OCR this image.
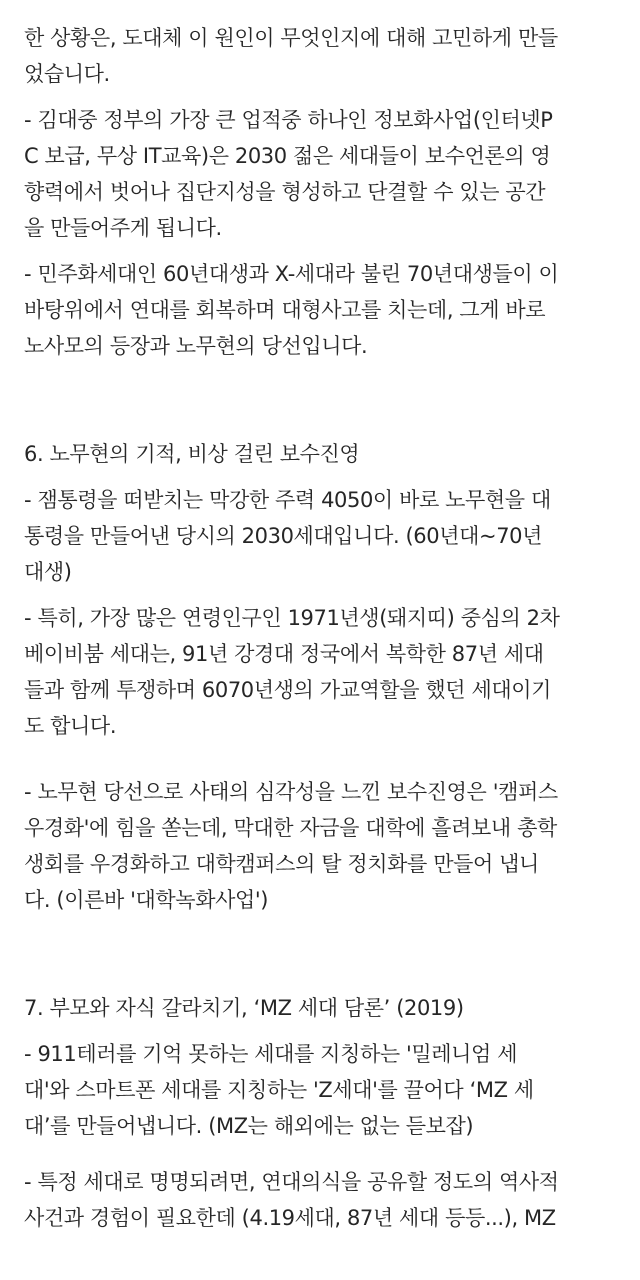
한 상황은, 도대체 이 원인이 무엇인지에 대해 고민하게 만들
었습니다.
- 김대중 정부의 가장 큰 업적중 하나인 정보화사업(인터넷P
C 보급, 무상 IT교육)은 2030 젊은 세대들이 보수언론의 영
향력에서 벗어나 집단지성을 형성하고 단결할 수 있는 공간
을 만들어주게 됩니다.
- 민주화세대인 60년대생과 X-세대라 불린 70년대생들이 이
바탕위에서 연대를 회복하며 대형사고를 치는데, 그게 바로
노사모의 등장과 노무현의 당선입니다.
6. 노무현의 기적, 비상 걸린 보수진영
- 잼통령을 떠받치는 막강한 주력 4050이 바로 노무현을 대
통령을 만들어낸 당시의 2030세대입니다. (60년대~70년
대생)
- 특히, 가장 많은 연령인구인 1971년생(돼지띠) 중심의 2차
베이비붐 세대는, 91년 강경대 정국에서 복학한 87년 세대
들과 함께 투쟁하며 6070년생의 가교역할을 했던 세대이기
도 합니다.
- 노무현 당선으로 사태의 심각성을 느낀 보수진영은 '캠퍼스
우경화'에 힘을 쏟는데, 막대한 자금을 대학에 흘려보내 총학
생회를 우경화하고 대학캠퍼스의 탈 정치화를 만들어 냅니
다. (이른바 '대학녹화사업')
7. 부모와 자식 갈라치기, ‘MZ 세대 담론’ (2019)
- 911테러를 기억 못하는 세대를 지칭하는 '밀레니엄 세
대'와 스마트폰 세대를 지칭하는 'Z세대'를 끌어다 ‘MZ 세
대’를 만들어냅니다. (MZ는 해외에는 없는 듣보잡)
- 특정 세대로 명명되려면, 연대의식을 공유할 정도의 역사적
사건과 경험이 필요한데 (4.19세대, 87년 세대 등등...), MZ
